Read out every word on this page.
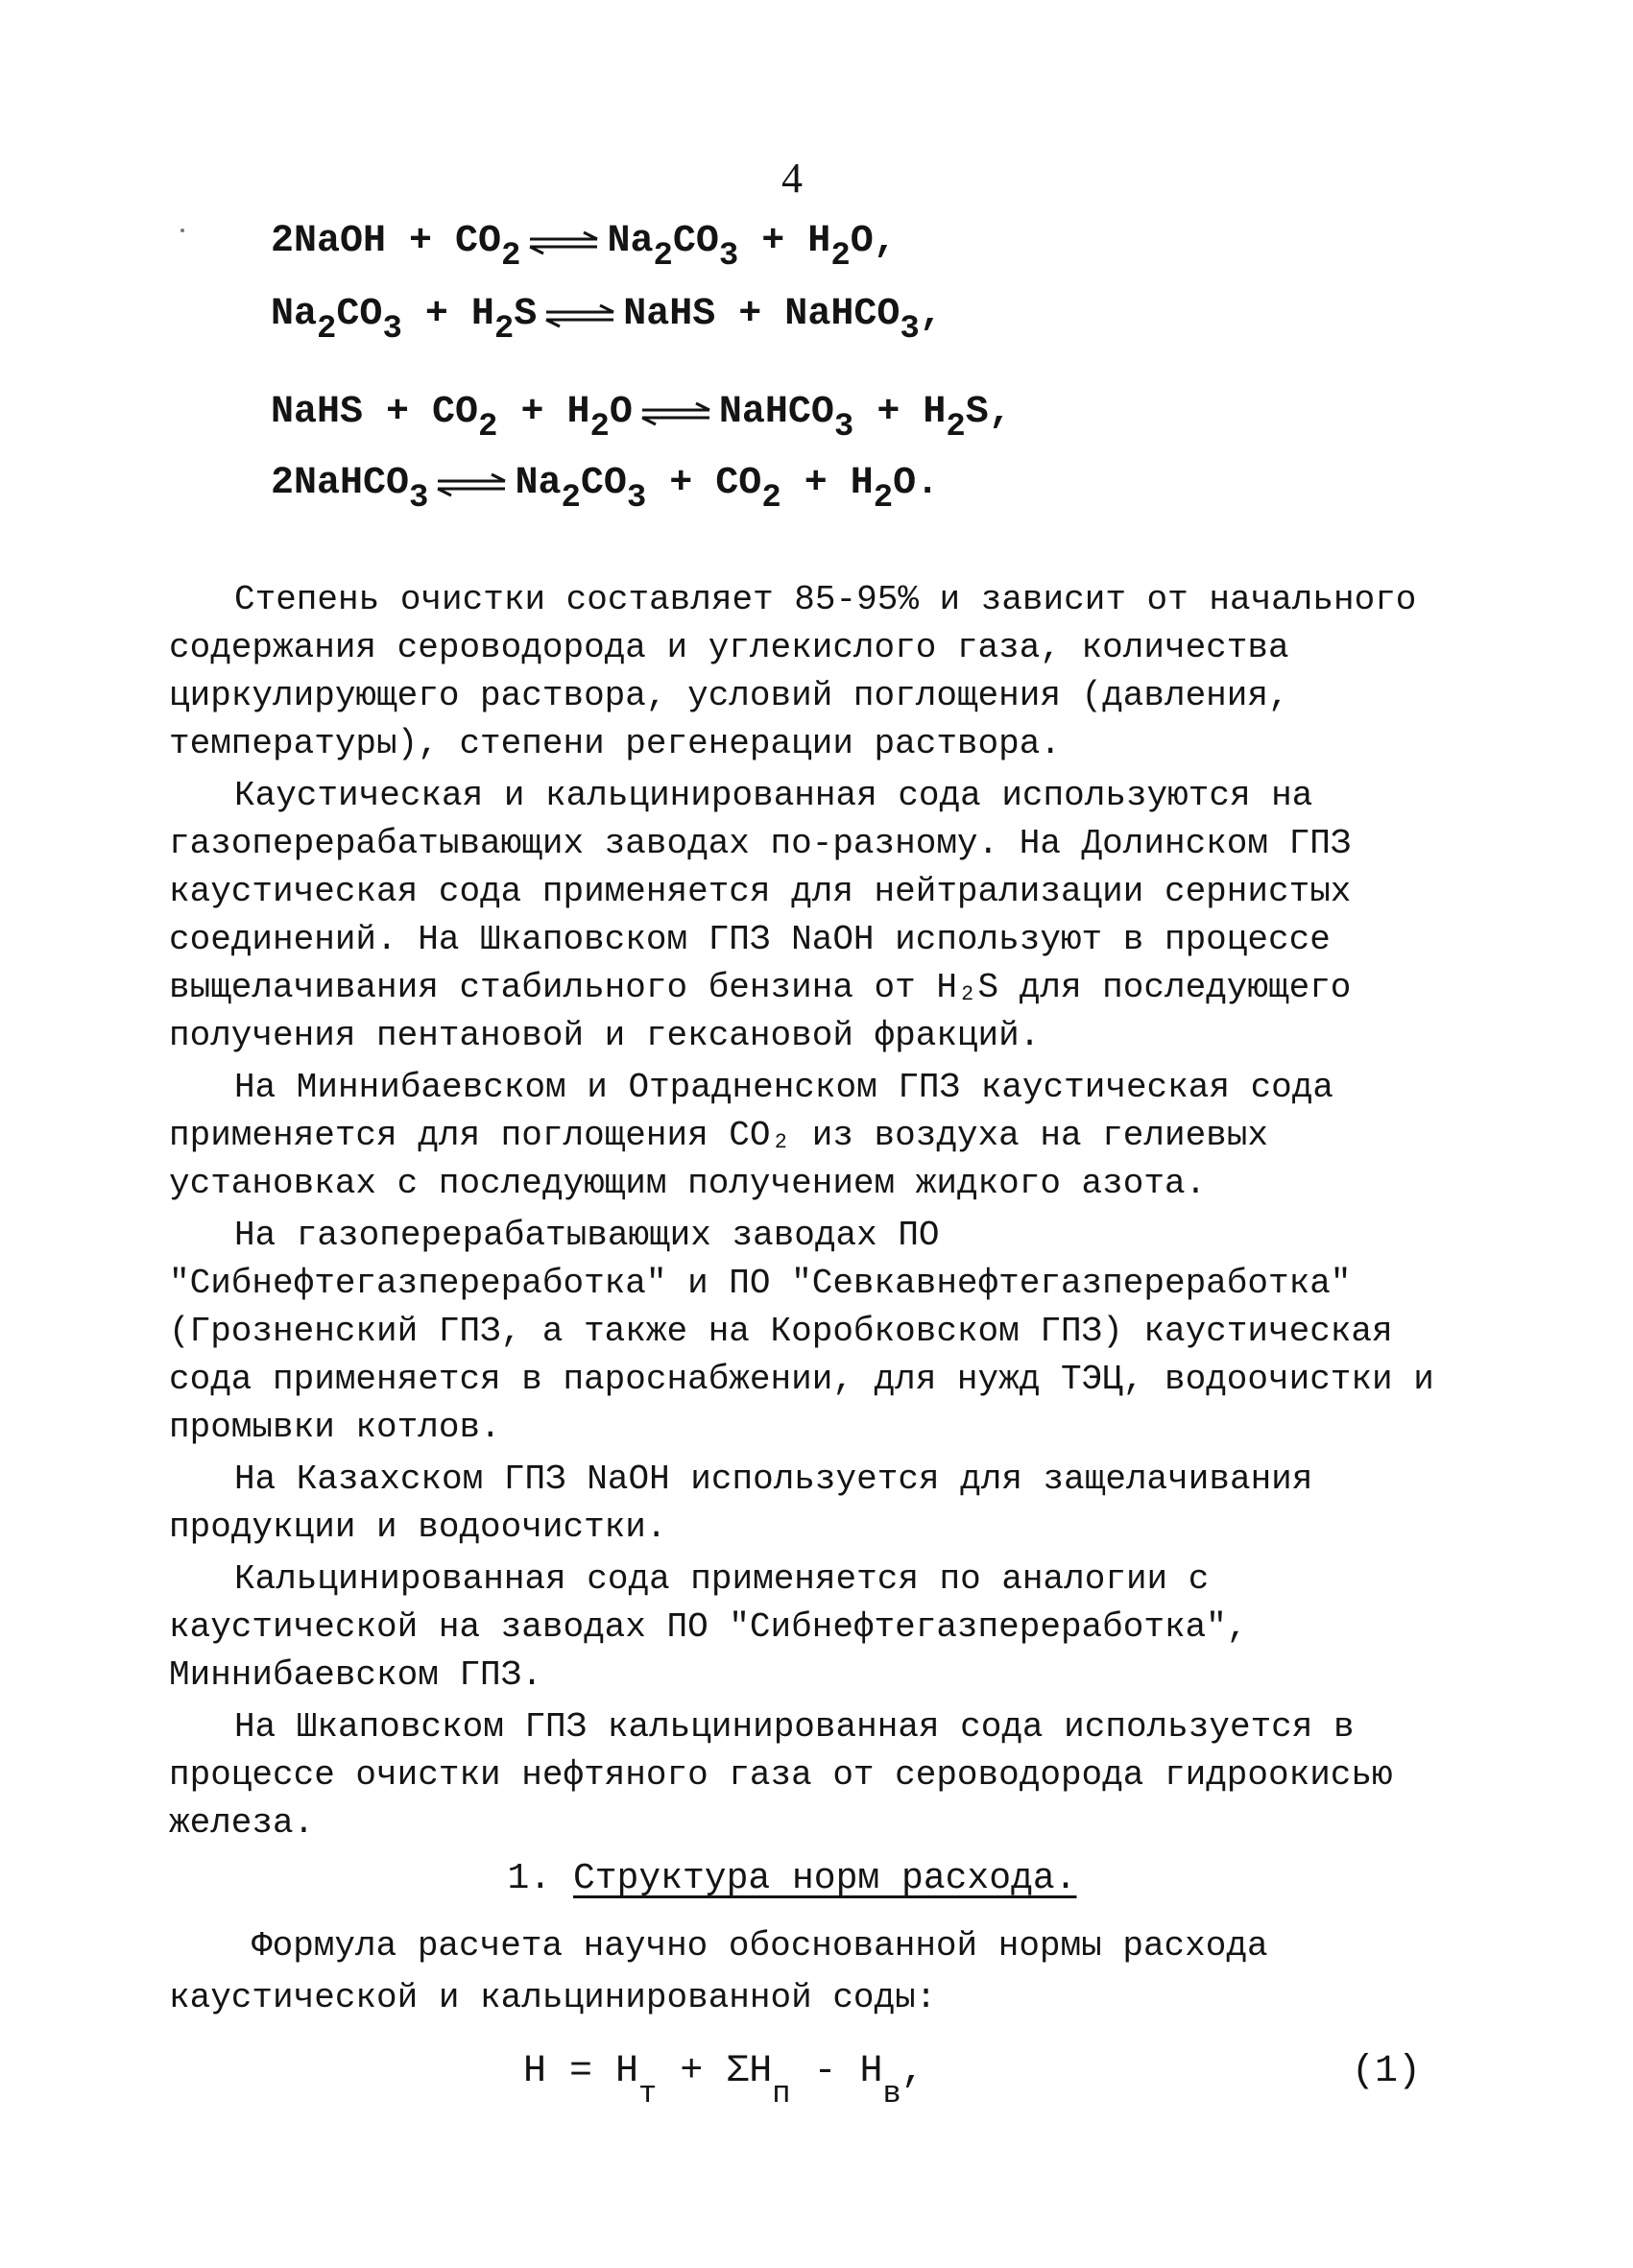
4
2NaOH + $CO_2$ ⇌ $Na_2CO_3 + H_2O$,
$Na_2CO_3 + H_2S$ ⇌ NaHS + NaHCO$_3$,
NaHS + $CO_2 + H_2O$ ⇌ NaHCO$_3$ + $H_2S$,
2NaHCO$_3$ ⇌ $Na_2CO_3 + CO_2 + H_2O$.

Степень очистки составляет 85-95% и зависит от начального содержания сероводорода и углекислого газа, количества циркулирующего раствора, условий поглощения (давления, температуры), степени регенерации раствора.

Каустическая и кальцинированная сода используются на газоперерабатывающих заводах по-разному. На Долинском ГПЗ каустическая сода применяется для нейтрализации сернистых соединений. На Шкаповском ГПЗ NaOH используют в процессе выщелачивания стабильного бензина от H₂S для последующего получения пентановой и гексановой фракций.

На Миннибаевском и Отрадненском ГПЗ каустическая сода применяется для поглощения CO₂ из воздуха на гелиевых установках с последующим получением жидкого азота.

На газоперерабатывающих заводах ПО "Сибнефтегазпереработка" и ПО "Севкавнефтегазпереработка" (Грозненский ГПЗ, а также на Коробковском ГПЗ) каустическая сода применяется в пароснабжении, для нужд ТЭЦ, водоочистки и промывки котлов.

На Казахском ГПЗ NaOH используется для защелачивания продукции и водоочистки.

Кальцинированная сода применяется по аналогии с каустической на заводах ПО "Сибнефтегазпереработка", Миннибаевском ГПЗ.

На Шкаповском ГПЗ кальцинированная сода используется в процессе очистки нефтяного газа от сероводорода гидроокисью железа.

1. Структура норм расхода.
Формула расчета научно обоснованной нормы расхода каустической и кальцинированной соды:
$H = H_т + \Sigma H_п - H_в$,	(1)
